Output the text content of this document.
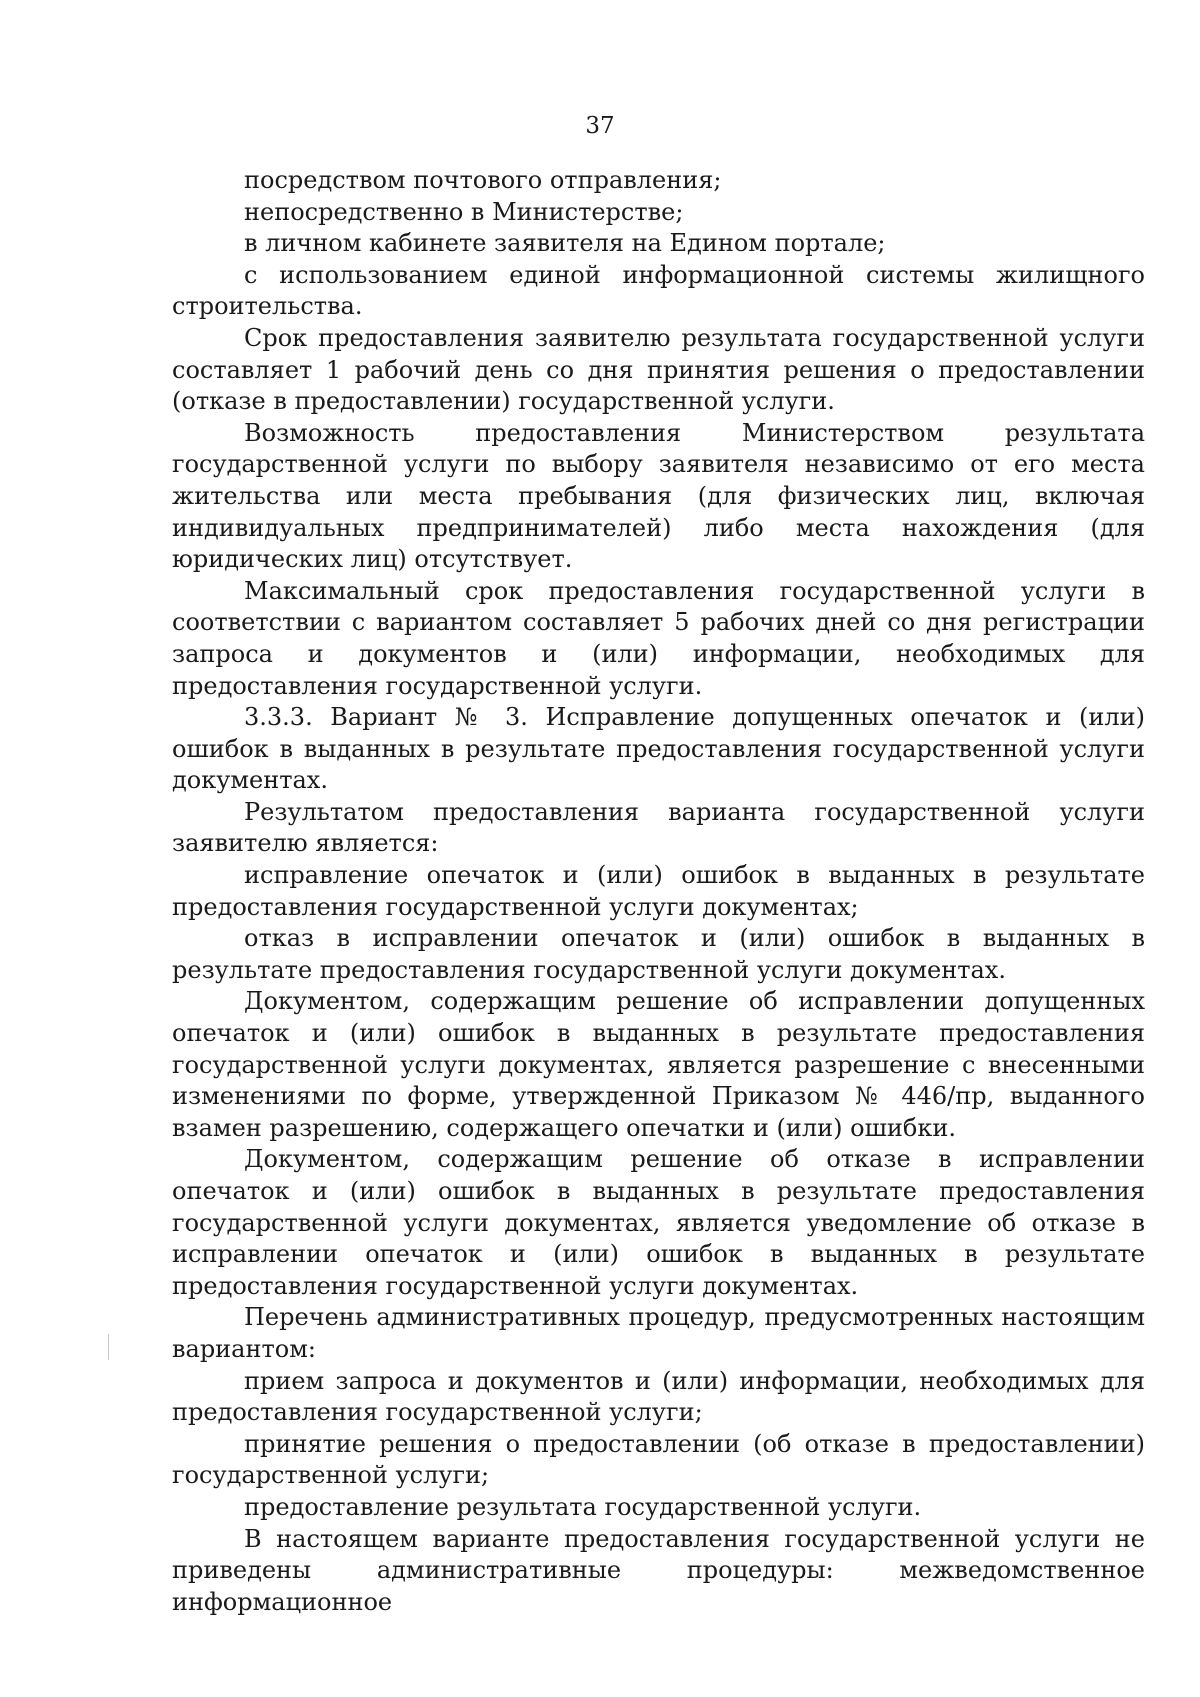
37

посредством почтового отправления;

непосредственно в Министерстве;

в личном кабинете заявителя на Едином портале;

с использованием единой информационной системы жилищного строительства.

Срок предоставления заявителю результата государственной услуги составляет 1 рабочий день со дня принятия решения о предоставлении (отказе в предоставлении) государственной услуги.

Возможность предоставления Министерством результата государственной услуги по выбору заявителя независимо от его места жительства или места пребывания (для физических лиц, включая индивидуальных предпринимателей) либо места нахождения (для юридических лиц) отсутствует.

Максимальный срок предоставления государственной услуги в соответствии с вариантом составляет 5 рабочих дней со дня регистрации запроса и документов и (или) информации, необходимых для предоставления государственной услуги.

3.3.3. Вариант № 3. Исправление допущенных опечаток и (или) ошибок в выданных в результате предоставления государственной услуги документах.

Результатом предоставления варианта государственной услуги заявителю является:

исправление опечаток и (или) ошибок в выданных в результате предоставления государственной услуги документах;

отказ в исправлении опечаток и (или) ошибок в выданных в результате предоставления государственной услуги документах.

Документом, содержащим решение об исправлении допущенных опечаток и (или) ошибок в выданных в результате предоставления государственной услуги документах, является разрешение с внесенными изменениями по форме, утвержденной Приказом № 446/пр, выданного взамен разрешению, содержащего опечатки и (или) ошибки.

Документом, содержащим решение об отказе в исправлении опечаток и (или) ошибок в выданных в результате предоставления государственной услуги документах, является уведомление об отказе в исправлении опечаток и (или) ошибок в выданных в результате предоставления государственной услуги документах.

Перечень административных процедур, предусмотренных настоящим вариантом:

прием запроса и документов и (или) информации, необходимых для предоставления государственной услуги;

принятие решения о предоставлении (об отказе в предоставлении) государственной услуги;

предоставление результата государственной услуги.

В настоящем варианте предоставления государственной услуги не приведены административные процедуры: межведомственное информационное
